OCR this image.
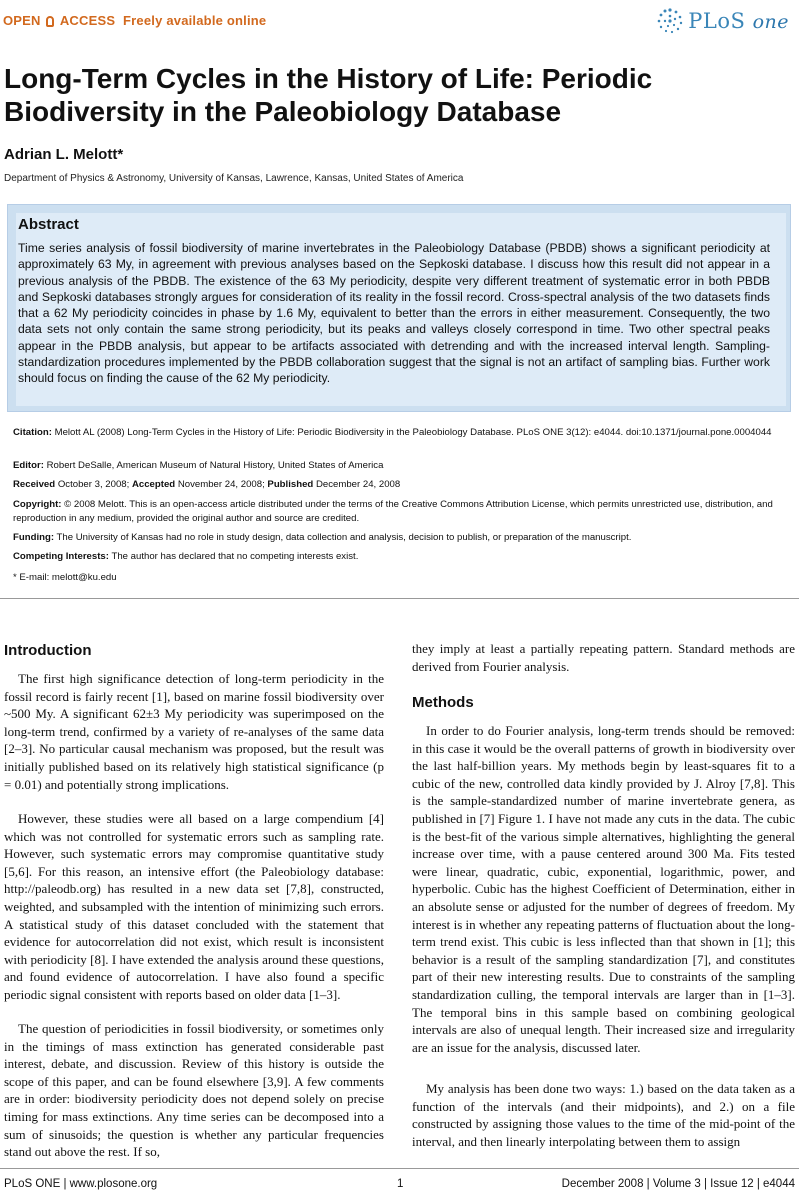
OPEN ACCESS Freely available online	PLoS one
Long-Term Cycles in the History of Life: Periodic Biodiversity in the Paleobiology Database
Adrian L. Melott*
Department of Physics & Astronomy, University of Kansas, Lawrence, Kansas, United States of America
Abstract

Time series analysis of fossil biodiversity of marine invertebrates in the Paleobiology Database (PBDB) shows a significant periodicity at approximately 63 My, in agreement with previous analyses based on the Sepkoski database. I discuss how this result did not appear in a previous analysis of the PBDB. The existence of the 63 My periodicity, despite very different treatment of systematic error in both PBDB and Sepkoski databases strongly argues for consideration of its reality in the fossil record. Cross-spectral analysis of the two datasets finds that a 62 My periodicity coincides in phase by 1.6 My, equivalent to better than the errors in either measurement. Consequently, the two data sets not only contain the same strong periodicity, but its peaks and valleys closely correspond in time. Two other spectral peaks appear in the PBDB analysis, but appear to be artifacts associated with detrending and with the increased interval length. Sampling-standardization procedures implemented by the PBDB collaboration suggest that the signal is not an artifact of sampling bias. Further work should focus on finding the cause of the 62 My periodicity.

Citation: Melott AL (2008) Long-Term Cycles in the History of Life: Periodic Biodiversity in the Paleobiology Database. PLoS ONE 3(12): e4044. doi:10.1371/journal.pone.0004044

Editor: Robert DeSalle, American Museum of Natural History, United States of America

Received October 3, 2008; Accepted November 24, 2008; Published December 24, 2008

Copyright: © 2008 Melott. This is an open-access article distributed under the terms of the Creative Commons Attribution License, which permits unrestricted use, distribution, and reproduction in any medium, provided the original author and source are credited.

Funding: The University of Kansas had no role in study design, data collection and analysis, decision to publish, or preparation of the manuscript.

Competing Interests: The author has declared that no competing interests exist.

* E-mail: melott@ku.edu

Introduction

The first high significance detection of long-term periodicity in the fossil record is fairly recent [1], based on marine fossil biodiversity over ~500 My. A significant 62±3 My periodicity was superimposed on the long-term trend, confirmed by a variety of re-analyses of the same data [2–3]. No particular causal mechanism was proposed, but the result was initially published based on its relatively high statistical significance (p = 0.01) and potentially strong implications.

However, these studies were all based on a large compendium [4] which was not controlled for systematic errors such as sampling rate. However, such systematic errors may compromise quantitative study [5,6]. For this reason, an intensive effort (the Paleobiology database: http://paleodb.org) has resulted in a new data set [7,8], constructed, weighted, and subsampled with the intention of minimizing such errors. A statistical study of this dataset concluded with the statement that evidence for autocorrelation did not exist, which result is inconsistent with periodicity [8]. I have extended the analysis around these questions, and found evidence of autocorrelation. I have also found a specific periodic signal consistent with reports based on older data [1–3].

The question of periodicities in fossil biodiversity, or sometimes only in the timings of mass extinction has generated considerable past interest, debate, and discussion. Review of this history is outside the scope of this paper, and can be found elsewhere [3,9]. A few comments are in order: biodiversity periodicity does not depend solely on precise timing for mass extinctions. Any time series can be decomposed into a sum of sinusoids; the question is whether any particular frequencies stand out above the rest. If so,

they imply at least a partially repeating pattern. Standard methods are derived from Fourier analysis.

Methods

In order to do Fourier analysis, long-term trends should be removed: in this case it would be the overall patterns of growth in biodiversity over the last half-billion years. My methods begin by least-squares fit to a cubic of the new, controlled data kindly provided by J. Alroy [7,8]. This is the sample-standardized number of marine invertebrate genera, as published in [7] Figure 1. I have not made any cuts in the data. The cubic is the best-fit of the various simple alternatives, highlighting the general increase over time, with a pause centered around 300 Ma. Fits tested were linear, quadratic, cubic, exponential, logarithmic, power, and hyperbolic. Cubic has the highest Coefficient of Determination, either in an absolute sense or adjusted for the number of degrees of freedom. My interest is in whether any repeating patterns of fluctuation about the long-term trend exist. This cubic is less inflected than that shown in [1]; this behavior is a result of the sampling standardization [7], and constitutes part of their new interesting results. Due to constraints of the sampling standardization culling, the temporal intervals are larger than in [1–3]. The temporal bins in this sample based on combining geological intervals are also of unequal length. Their increased size and irregularity are an issue for the analysis, discussed later.

My analysis has been done two ways: 1.) based on the data taken as a function of the intervals (and their midpoints), and 2.) on a file constructed by assigning those values to the time of the mid-point of the interval, and then linearly interpolating between them to assign

PLoS ONE | www.plosone.org	1	December 2008 | Volume 3 | Issue 12 | e4044
